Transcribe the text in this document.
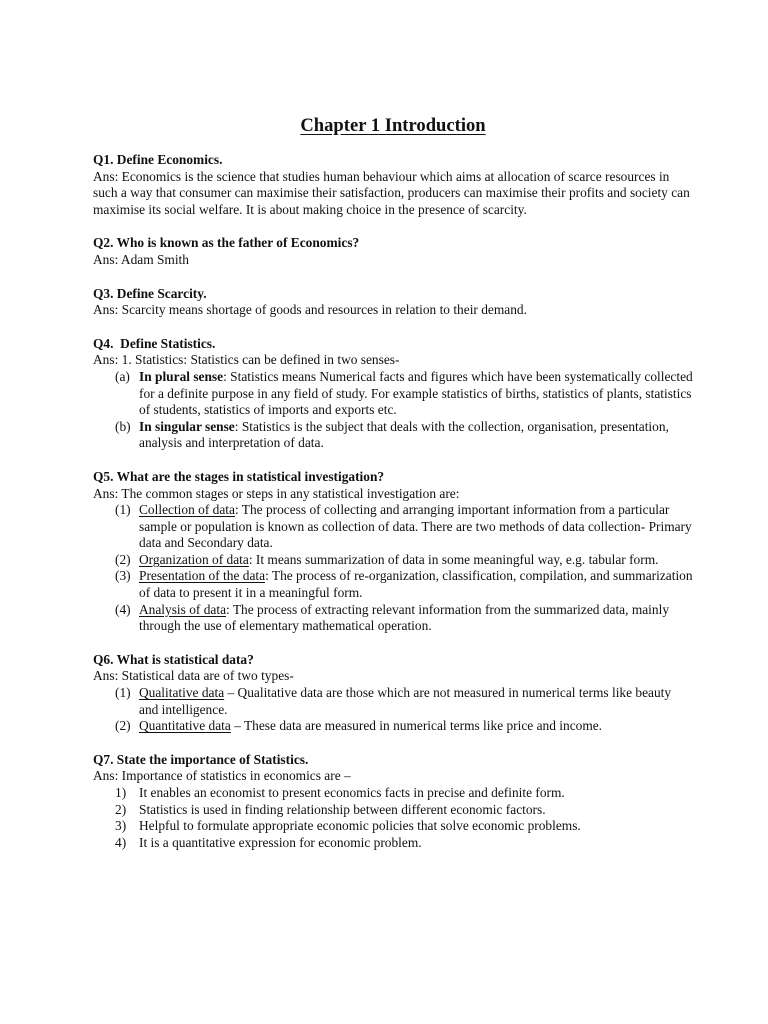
Chapter 1 Introduction

Q1. Define Economics.

Ans: Economics is the science that studies human behaviour which aims at allocation of scarce resources in such a way that consumer can maximise their satisfaction, producers can maximise their profits and society can maximise its social welfare. It is about making choice in the presence of scarcity.

Q2. Who is known as the father of Economics?

Ans: Adam Smith

Q3. Define Scarcity.

Ans: Scarcity means shortage of goods and resources in relation to their demand.

Q4.  Define Statistics.

Ans: 1. Statistics: Statistics can be defined in two senses-

(a) In plural sense: Statistics means Numerical facts and figures which have been systematically collected for a definite purpose in any field of study. For example statistics of births, statistics of plants, statistics of students, statistics of imports and exports etc.
(b) In singular sense: Statistics is the subject that deals with the collection, organisation, presentation, analysis and interpretation of data.

Q5. What are the stages in statistical investigation?

Ans: The common stages or steps in any statistical investigation are:

(1) Collection of data: The process of collecting and arranging important information from a particular sample or population is known as collection of data. There are two methods of data collection- Primary data and Secondary data.
(2) Organization of data: It means summarization of data in some meaningful way, e.g. tabular form.
(3) Presentation of the data: The process of re-organization, classification, compilation, and summarization of data to present it in a meaningful form.
(4) Analysis of data: The process of extracting relevant information from the summarized data, mainly through the use of elementary mathematical operation.

Q6. What is statistical data?

Ans: Statistical data are of two types-

(1) Qualitative data – Qualitative data are those which are not measured in numerical terms like beauty and intelligence.
(2) Quantitative data – These data are measured in numerical terms like price and income.

Q7. State the importance of Statistics.

Ans: Importance of statistics in economics are –

1) It enables an economist to present economics facts in precise and definite form.
2) Statistics is used in finding relationship between different economic factors.
3) Helpful to formulate appropriate economic policies that solve economic problems.
4) It is a quantitative expression for economic problem.
